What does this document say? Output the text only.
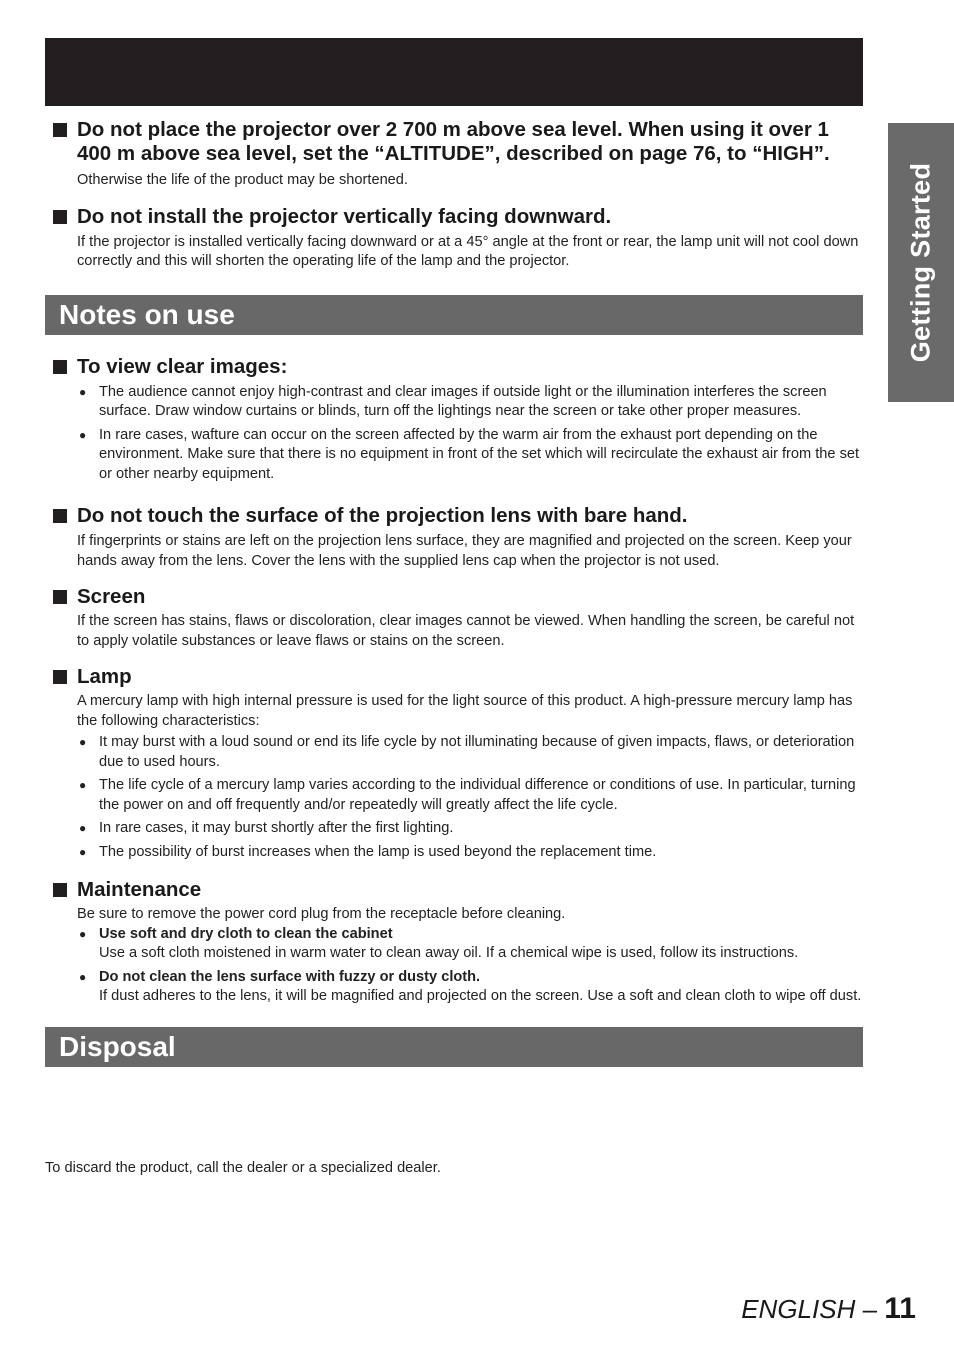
Getting Started
Do not place the projector over 2 700 m above sea level. When using it over 1 400 m above sea level, set the “ALTITUDE”, described on page 76, to “HIGH”.
Otherwise the life of the product may be shortened.
Do not install the projector vertically facing downward.
If the projector is installed vertically facing downward or at a 45° angle at the front or rear, the lamp unit will not cool down correctly and this will shorten the operating life of the lamp and the projector.
Notes on use
To view clear images:
● The audience cannot enjoy high-contrast and clear images if outside light or the illumination interferes the screen surface. Draw window curtains or blinds, turn off the lightings near the screen or take other proper measures.
● In rare cases, wafture can occur on the screen affected by the warm air from the exhaust port depending on the environment. Make sure that there is no equipment in front of the set which will recirculate the exhaust air from the set or other nearby equipment.
Do not touch the surface of the projection lens with bare hand.
If fingerprints or stains are left on the projection lens surface, they are magnified and projected on the screen. Keep your hands away from the lens. Cover the lens with the supplied lens cap when the projector is not used.
Screen
If the screen has stains, flaws or discoloration, clear images cannot be viewed. When handling the screen, be careful not to apply volatile substances or leave flaws or stains on the screen.
Lamp
A mercury lamp with high internal pressure is used for the light source of this product. A high-pressure mercury lamp has the following characteristics:
● It may burst with a loud sound or end its life cycle by not illuminating because of given impacts, flaws, or deterioration due to used hours.
● The life cycle of a mercury lamp varies according to the individual difference or conditions of use. In particular, turning the power on and off frequently and/or repeatedly will greatly affect the life cycle.
● In rare cases, it may burst shortly after the first lighting.
● The possibility of burst increases when the lamp is used beyond the replacement time.
Maintenance
Be sure to remove the power cord plug from the receptacle before cleaning.
● Use soft and dry cloth to clean the cabinet
Use a soft cloth moistened in warm water to clean away oil. If a chemical wipe is used, follow its instructions.
● Do not clean the lens surface with fuzzy or dusty cloth.
If dust adheres to the lens, it will be magnified and projected on the screen. Use a soft and clean cloth to wipe off dust.
Disposal
To discard the product, call the dealer or a specialized dealer.
ENGLISH – 11
